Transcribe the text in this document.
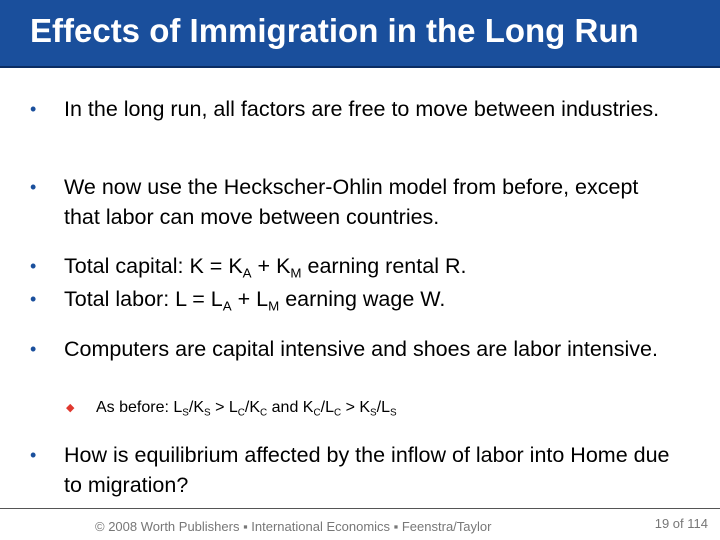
Effects of Immigration in the Long Run
•	In the long run, all factors are free to move between industries.
•	We now use the Heckscher-Ohlin model from before, except that labor can move between countries.
•	Total capital: $K = K_A + K_M$ earning rental R.
•	Total labor: $L = L_A + L_M$ earning wage W.
•	Computers are capital intensive and shoes are labor intensive.
◆	As before: $L_S/K_S > L_C/K_C$ and $K_C/L_C > K_S/L_S$
•	How is equilibrium affected by the inflow of labor into Home due to migration?
© 2008 Worth Publishers ▪ International Economics ▪ Feenstra/Taylor	19 of 114
